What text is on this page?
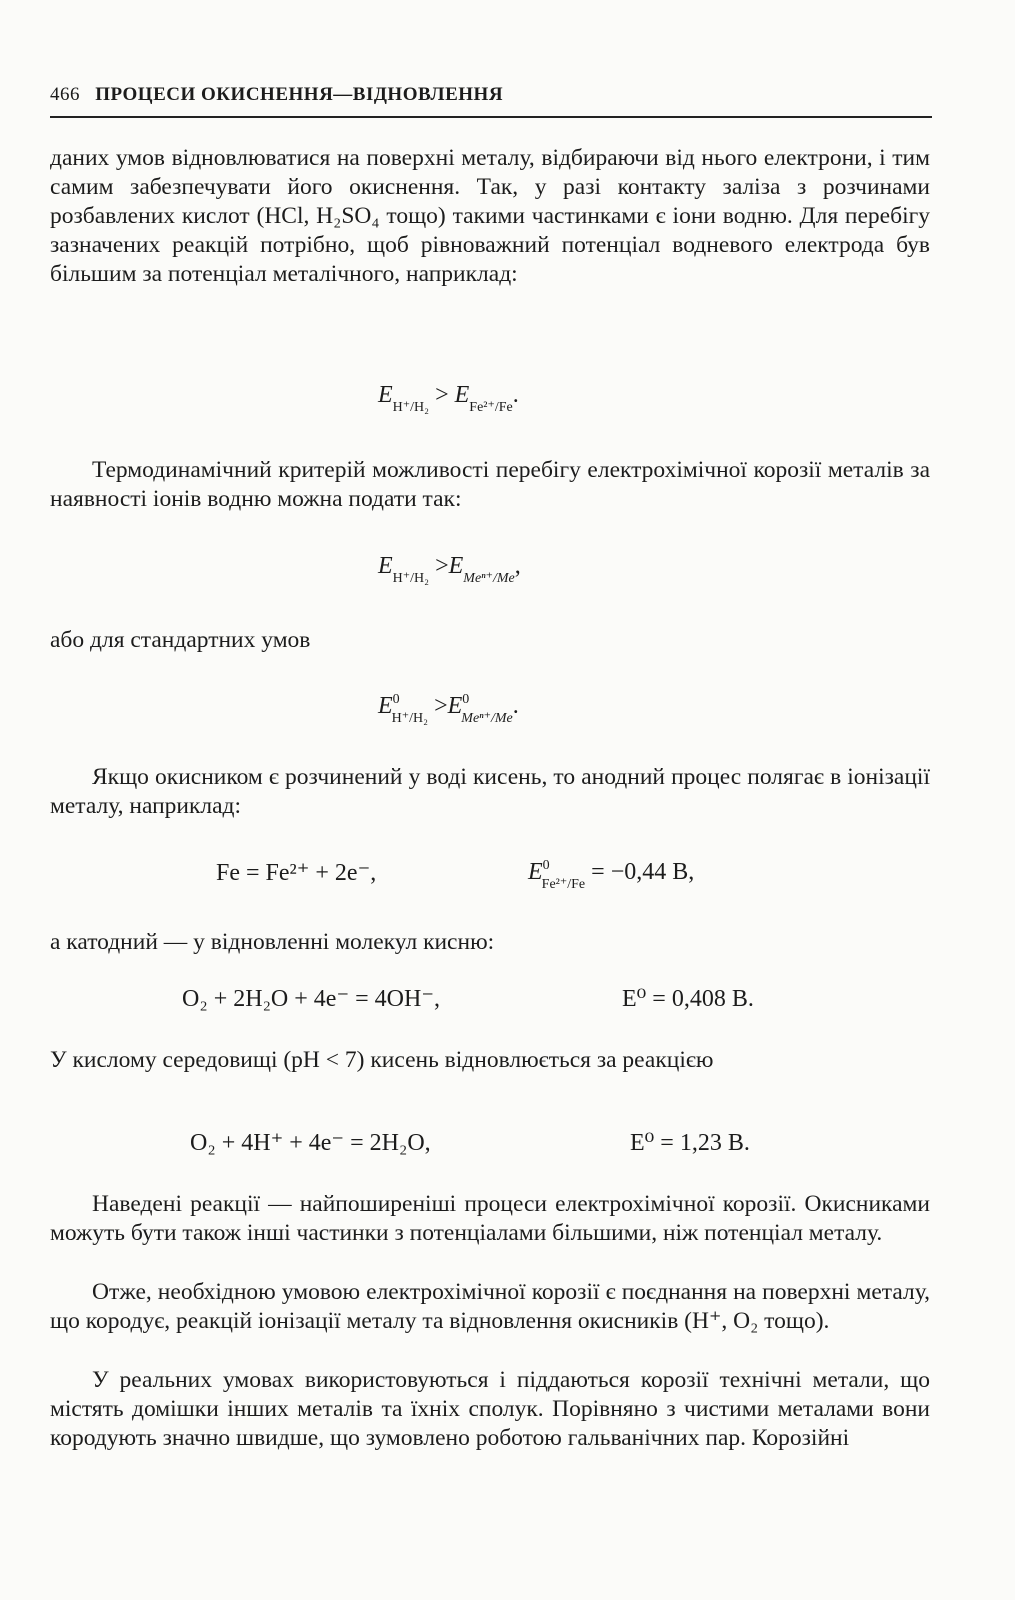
466 ПРОЦЕСИ ОКИСНЕННЯ—ВІДНОВЛЕННЯ
даних умов відновлюватися на поверхні металу, відбираючи від нього електрони, і тим самим забезпечувати його окиснення. Так, у разі контакту заліза з розчинами розбавлених кислот (HCl, H₂SO₄ тощо) такими частинками є іони водню. Для перебігу зазначених реакцій потрібно, щоб рівноважний потенціал водневого електрода був більшим за потенціал металічного, наприклад:
$E_{H^+/H_2} > E_{Fe^{2+}/Fe}$.
Термодинамічний критерій можливості перебігу електрохімічної корозії металів за наявності іонів водню можна подати так:
$E_{H^+/H_2} >E_{Me^{n+}/Me}$,
або для стандартних умов
$E^0_{H^+/H_2} >E^0_{Me^{n+}/Me}$.
Якщо окисником є розчинений у воді кисень, то анодний процес полягає в іонізації металу, наприклад:
Fe = Fe²⁺ + 2e⁻,	$E^0_{Fe^{2+}/Fe} = -0,44$ В,
а катодний — у відновленні молекул кисню:
O₂ + 2H₂O + 4e⁻ = 4OH⁻,	E⁰ = 0,408 В.
У кислому середовищі (pH < 7) кисень відновлюється за реакцією
O₂ + 4H⁺ + 4e⁻ = 2H₂O,	E⁰ = 1,23 В.
Наведені реакції — найпоширеніші процеси електрохімічної корозії. Окисниками можуть бути також інші частинки з потенціалами більшими, ніж потенціал металу.
Отже, необхідною умовою електрохімічної корозії є поєднання на поверхні металу, що кородує, реакцій іонізації металу та відновлення окисників (H⁺, O₂ тощо).
У реальних умовах використовуються і піддаються корозії технічні метали, що містять домішки інших металів та їхніх сполук. Порівняно з чистими металами вони кородують значно швидше, що зумовлено роботою гальванічних пар. Корозійні
